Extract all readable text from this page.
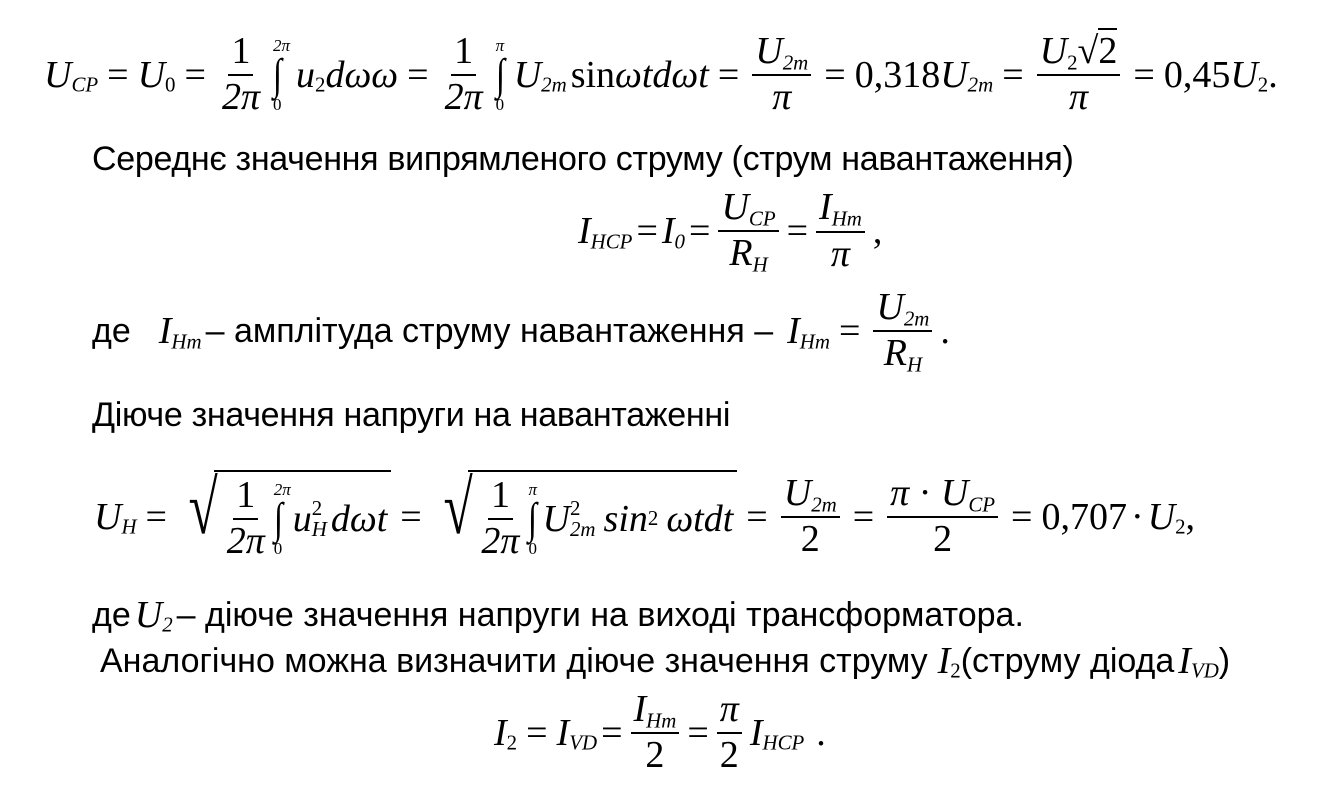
$U_{CP} = U_0 = \frac{1}{2\pi}$
2π
∫
0
$u_2d\omega\omega = \frac{1}{2\pi}$
π
∫
0
$U_{2m}$ $\sin\omega td\omega t = \frac{U_{2m}}{\pi} = 0,318U_{2m} = \frac{U_2√2}{\pi} = 0,45U_2$.
Середнє значення випрямленого струму (струм навантаження)
$I_{HCP} = I_0 = \frac{U_{CP}}{R_H} = \frac{I_{Hm}}{\pi}$ ,
де $I_{Hm}$ – амплітуда струму навантаження – $I_{Hm} = \frac{U_{2m}}{R_H}$ .
Діюче значення напруги на навантаженні
$U_H$ = √ $\frac{1}{2\pi} 2\pi$
∫
0
u 2
H dωt = √ $\frac{1}{2\pi}$ π
∫
0
U 2
2m sin 2 $\omega tdt = \frac{U_{2m}}{2} = \frac{\pi \cdot U_{CP}}{2} = 0,707 \cdot U_2$,
де $U_2$ – діюче значення напруги на виході трансформатора.
Аналогічно можна визначити діюче значення струму $I_2(струму$ діода $I_{VD}$)
$I_2 = I_{VD} = \frac{I_{Hm}}{2} = \frac{\pi}{2} I_{HCP}$ .
